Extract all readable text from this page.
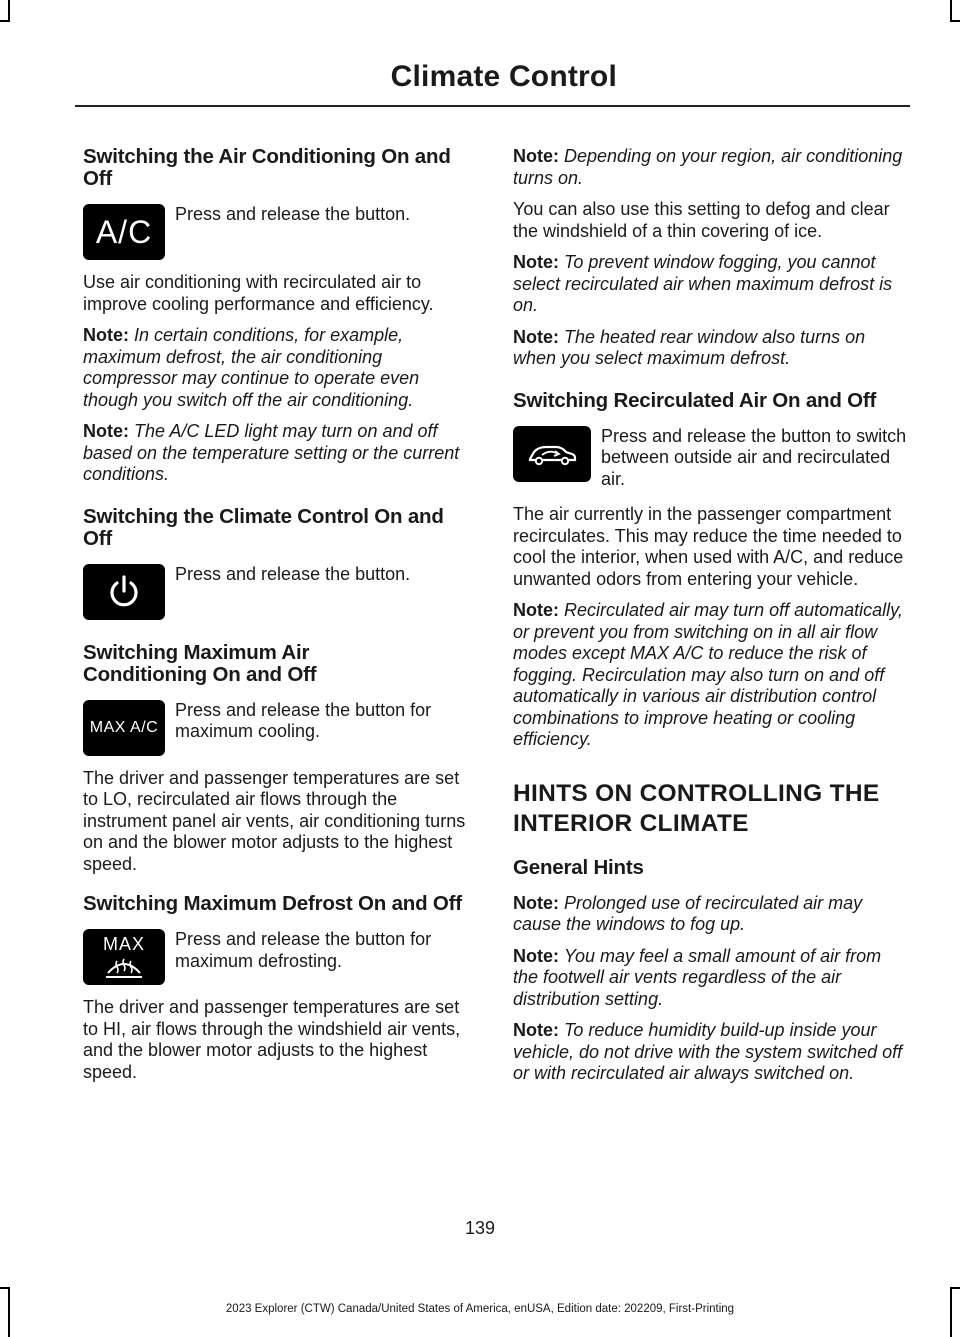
Climate Control
Switching the Air Conditioning On and Off
A/C Press and release the button.

Use air conditioning with recirculated air to improve cooling performance and efficiency.

Note: In certain conditions, for example, maximum defrost, the air conditioning compressor may continue to operate even though you switch off the air conditioning.

Note: The A/C LED light may turn on and off based on the temperature setting or the current conditions.

Switching the Climate Control On and Off
Press and release the button.
Switching Maximum Air Conditioning On and Off
MAX A/C
Press and release the button for maximum cooling.

The driver and passenger temperatures are set to LO, recirculated air flows through the instrument panel air vents, air conditioning turns on and the blower motor adjusts to the highest speed.

Switching Maximum Defrost On and Off
MAX Press and release the button for maximum defrosting.

The driver and passenger temperatures are set to HI, air flows through the windshield air vents, and the blower motor adjusts to the highest speed.

Note: Depending on your region, air conditioning turns on.

You can also use this setting to defog and clear the windshield of a thin covering of ice.

Note: To prevent window fogging, you cannot select recirculated air when maximum defrost is on.

Note: The heated rear window also turns on when you select maximum defrost.

Switching Recirculated Air On and Off
Press and release the button to switch between outside air and recirculated air.

The air currently in the passenger compartment recirculates. This may reduce the time needed to cool the interior, when used with A/C, and reduce unwanted odors from entering your vehicle.

Note: Recirculated air may turn off automatically, or prevent you from switching on in all air flow modes except MAX A/C to reduce the risk of fogging. Recirculation may also turn on and off automatically in various air distribution control combinations to improve heating or cooling efficiency.

HINTS ON CONTROLLING THE
INTERIOR CLIMATE
General Hints

Note: Prolonged use of recirculated air may cause the windows to fog up.

Note: You may feel a small amount of air from the footwell air vents regardless of the air distribution setting.

Note: To reduce humidity build-up inside your vehicle, do not drive with the system switched off or with recirculated air always switched on.

139
2023 Explorer (CTW) Canada/United States of America, enUSA, Edition date: 202209, First-Printing
